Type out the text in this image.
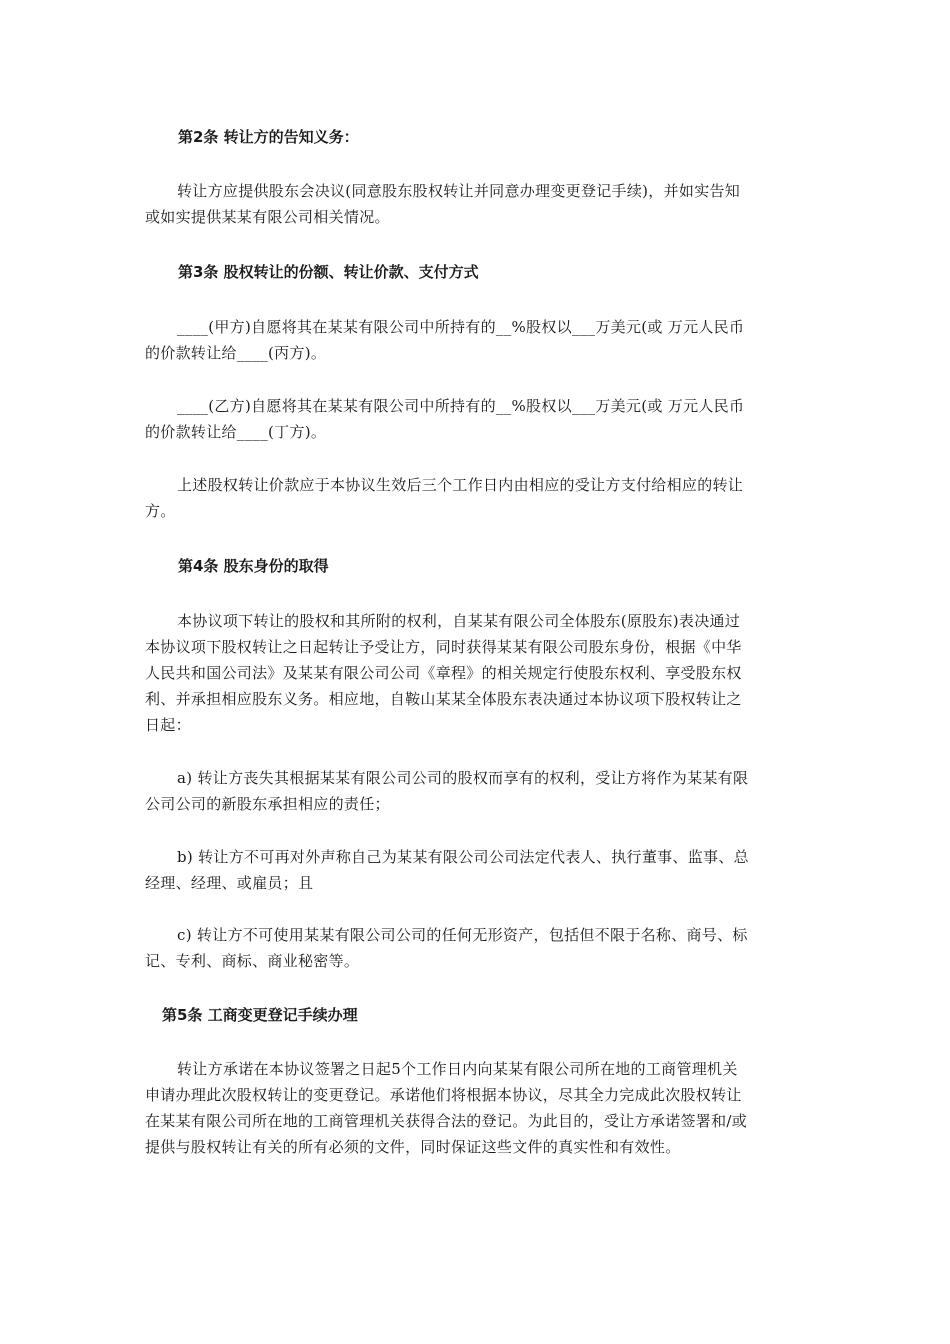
第2条 转让方的告知义务：
转让方应提供股东会决议(同意股东股权转让并同意办理变更登记手续)，并如实告知
或如实提供某某有限公司相关情况。
第3条 股权转让的份额、转让价款、支付方式
____(甲方)自愿将其在某某有限公司中所持有的__%股权以___万美元(或 万元人民币
的价款转让给____(丙方)。
____(乙方)自愿将其在某某有限公司中所持有的__%股权以___万美元(或 万元人民币
的价款转让给____(丁方)。
上述股权转让价款应于本协议生效后三个工作日内由相应的受让方支付给相应的转让
方。
第4条 股东身份的取得
本协议项下转让的股权和其所附的权利，自某某有限公司全体股东(原股东)表决通过
本协议项下股权转让之日起转让予受让方，同时获得某某有限公司股东身份，根据《中华
人民共和国公司法》及某某有限公司公司《章程》的相关规定行使股东权利、享受股东权
利、并承担相应股东义务。相应地，自鞍山某某全体股东表决通过本协议项下股权转让之
日起：
a) 转让方丧失其根据某某有限公司公司的股权而享有的权利，受让方将作为某某有限
公司公司的新股东承担相应的责任；
b) 转让方不可再对外声称自己为某某有限公司公司法定代表人、执行董事、监事、总
经理、经理、或雇员；且
c) 转让方不可使用某某有限公司公司的任何无形资产，包括但不限于名称、商号、标
记、专利、商标、商业秘密等。
第5条 工商变更登记手续办理
转让方承诺在本协议签署之日起5个工作日内向某某有限公司所在地的工商管理机关
申请办理此次股权转让的变更登记。承诺他们将根据本协议，尽其全力完成此次股权转让
在某某有限公司所在地的工商管理机关获得合法的登记。为此目的，受让方承诺签署和/或
提供与股权转让有关的所有必须的文件，同时保证这些文件的真实性和有效性。
